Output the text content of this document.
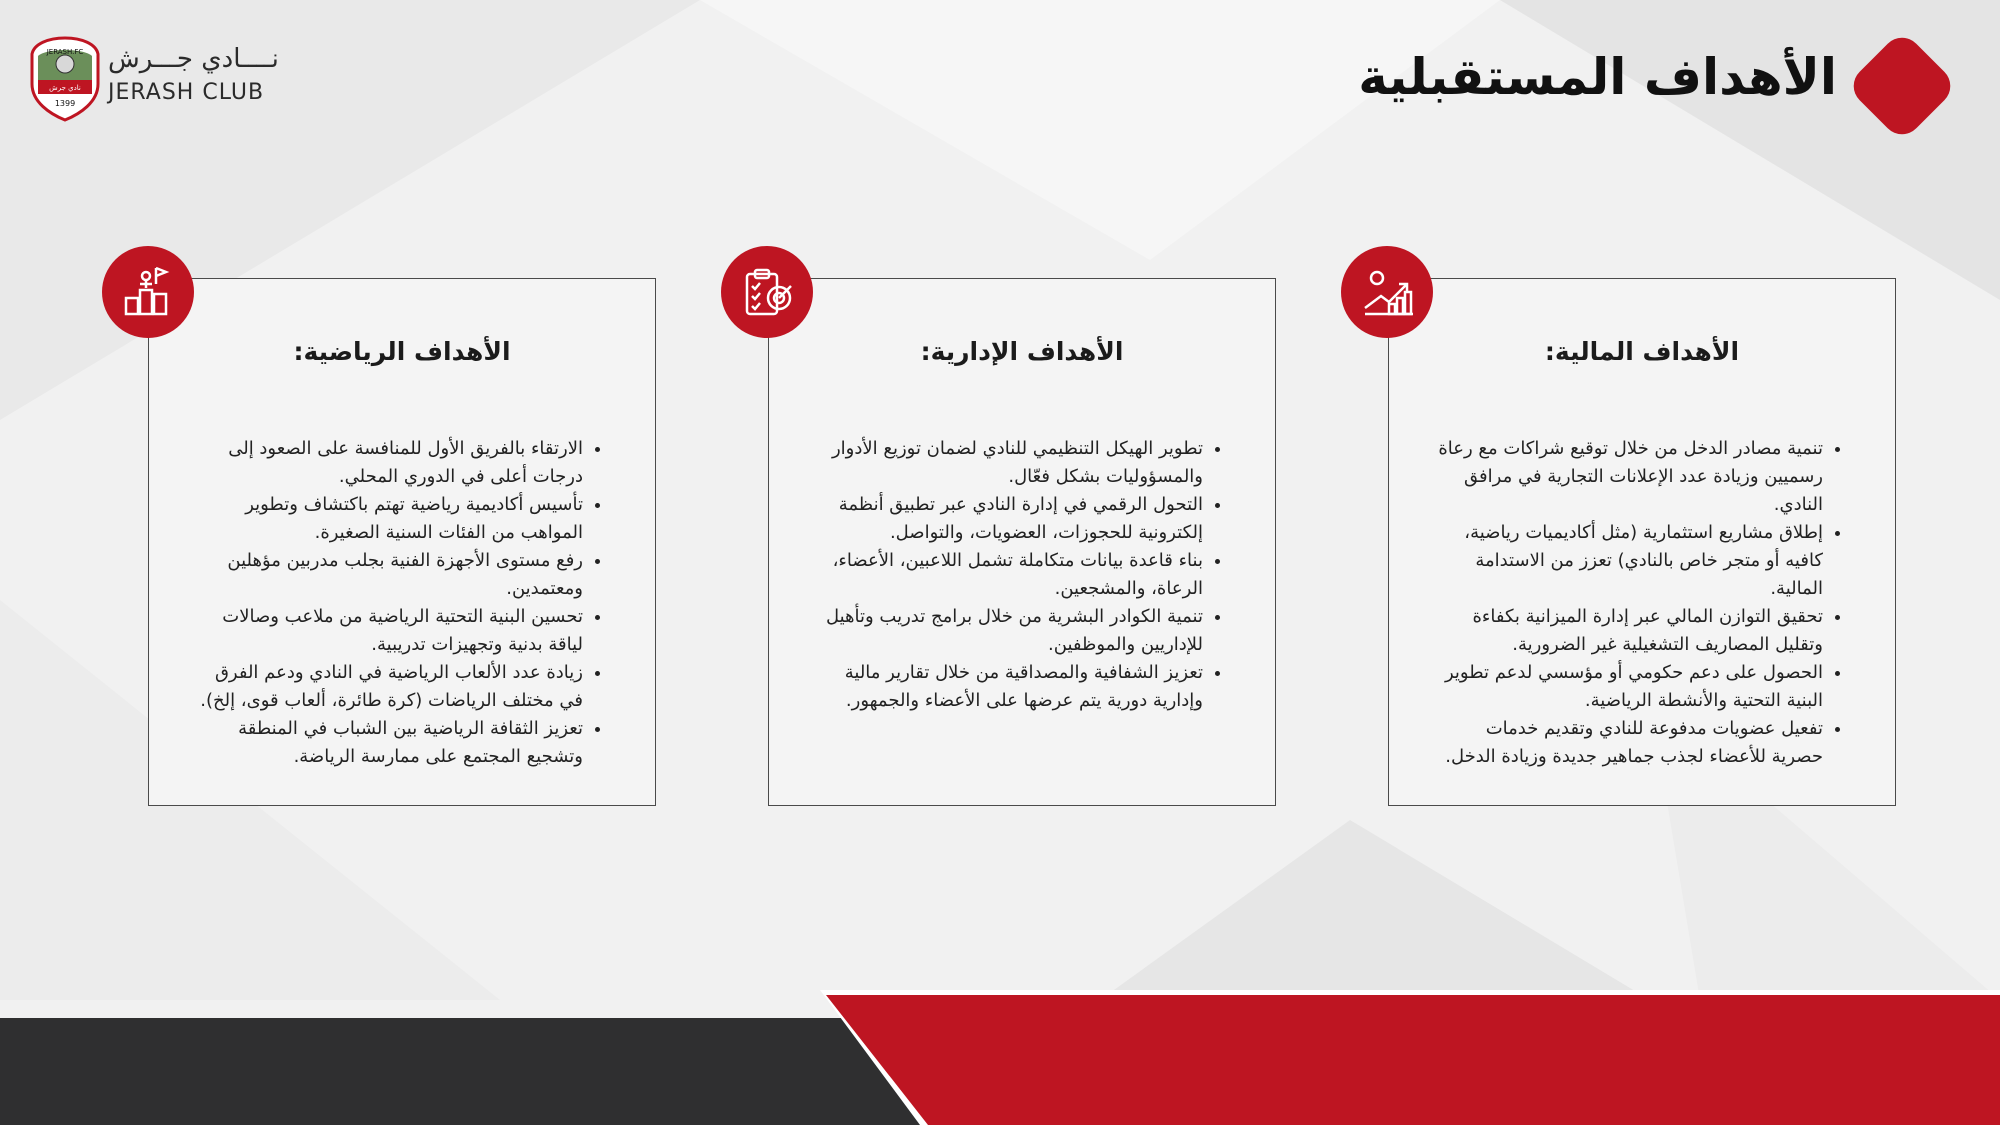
JERASH.FC
نادي جرش
1399
نــــادي جـــرش
JERASH CLUB	الأهداف المستقبلية
الأهداف المالية:
• تنمية مصادر الدخل من خلال توقيع شراكات مع رعاة رسميين وزيادة عدد الإعلانات التجارية في مرافق النادي.
• إطلاق مشاريع استثمارية (مثل أكاديميات رياضية، كافيه أو متجر خاص بالنادي) تعزز من الاستدامة المالية.
• تحقيق التوازن المالي عبر إدارة الميزانية بكفاءة وتقليل المصاريف التشغيلية غير الضرورية.
• الحصول على دعم حكومي أو مؤسسي لدعم تطوير البنية التحتية والأنشطة الرياضية.
• تفعيل عضويات مدفوعة للنادي وتقديم خدمات حصرية للأعضاء لجذب جماهير جديدة وزيادة الدخل.
الأهداف الإدارية:
• تطوير الهيكل التنظيمي للنادي لضمان توزيع الأدوار والمسؤوليات بشكل فعّال.
• التحول الرقمي في إدارة النادي عبر تطبيق أنظمة إلكترونية للحجوزات، العضويات، والتواصل.
• بناء قاعدة بيانات متكاملة تشمل اللاعبين، الأعضاء، الرعاة، والمشجعين.
• تنمية الكوادر البشرية من خلال برامج تدريب وتأهيل للإداريين والموظفين.
• تعزيز الشفافية والمصداقية من خلال تقارير مالية وإدارية دورية يتم عرضها على الأعضاء والجمهور.
الأهداف الرياضية:
• الارتقاء بالفريق الأول للمنافسة على الصعود إلى درجات أعلى في الدوري المحلي.
• تأسيس أكاديمية رياضية تهتم باكتشاف وتطوير المواهب من الفئات السنية الصغيرة.
• رفع مستوى الأجهزة الفنية بجلب مدربين مؤهلين ومعتمدين.
• تحسين البنية التحتية الرياضية من ملاعب وصالات لياقة بدنية وتجهيزات تدريبية.
• زيادة عدد الألعاب الرياضية في النادي ودعم الفرق في مختلف الرياضات (كرة طائرة، ألعاب قوى، إلخ).
• تعزيز الثقافة الرياضية بين الشباب في المنطقة وتشجيع المجتمع على ممارسة الرياضة.
